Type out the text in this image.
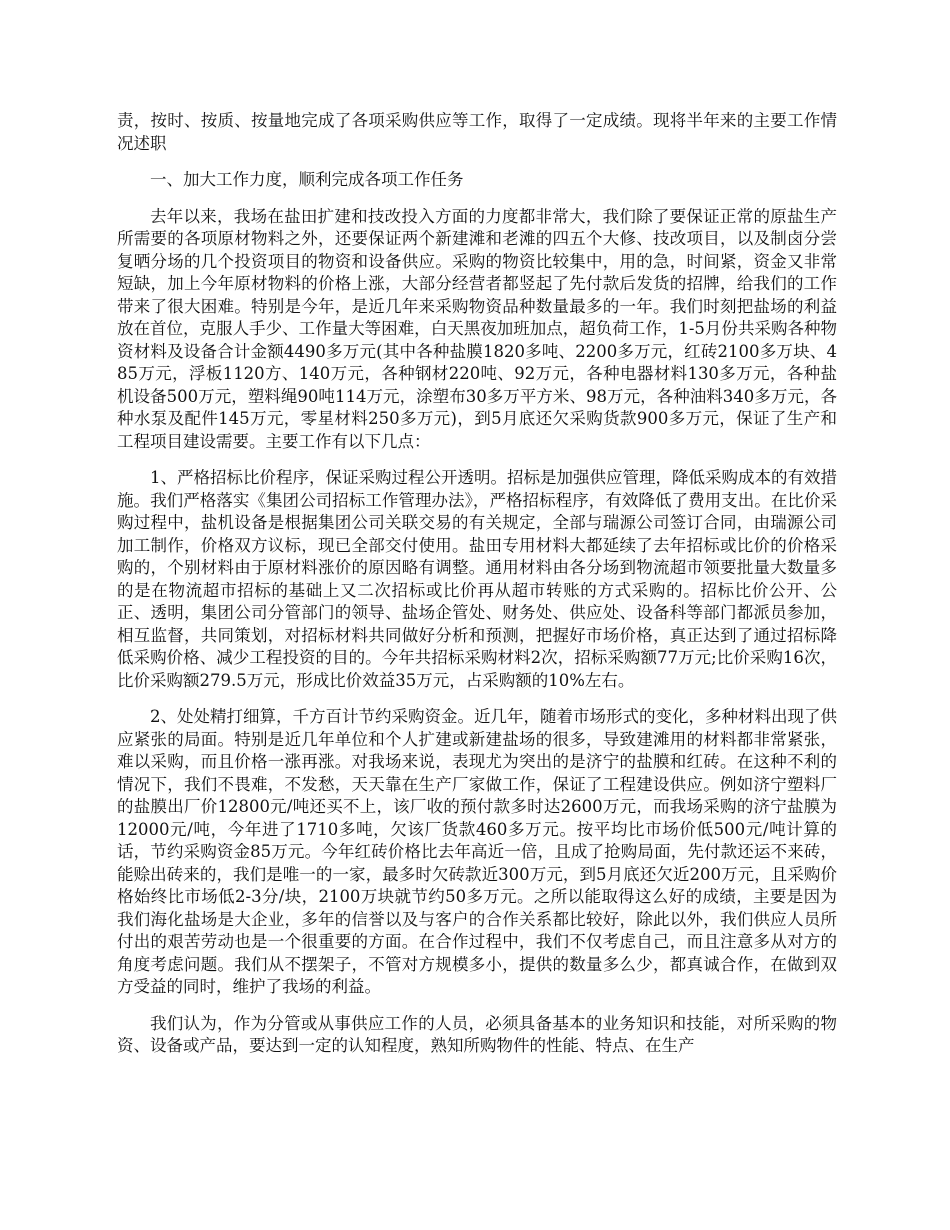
责，按时、按质、按量地完成了各项采购供应等工作，取得了一定成绩。现将半年来的主要工作情况述职

一、加大工作力度，顺利完成各项工作任务

去年以来，我场在盐田扩建和技改投入方面的力度都非常大，我们除了要保证正常的原盐生产所需要的各项原材物料之外，还要保证两个新建滩和老滩的四五个大修、技改项目，以及制卤分尝复晒分场的几个投资项目的物资和设备供应。采购的物资比较集中，用的急，时间紧，资金又非常短缺，加上今年原材物料的价格上涨，大部分经营者都竖起了先付款后发货的招牌，给我们的工作带来了很大困难。特别是今年，是近几年来采购物资品种数量最多的一年。我们时刻把盐场的利益放在首位，克服人手少、工作量大等困难，白天黑夜加班加点，超负荷工作，1-5月份共采购各种物资材料及设备合计金额4490多万元(其中各种盐膜1820多吨、2200多万元，红砖2100多万块、485万元，浮板1120方、140万元，各种钢材220吨、92万元，各种电器材料130多万元，各种盐机设备500万元，塑料绳90吨114万元，涂塑布30多万平方米、98万元，各种油料340多万元，各种水泵及配件145万元，零星材料250多万元)，到5月底还欠采购货款900多万元，保证了生产和工程项目建设需要。主要工作有以下几点：

1、严格招标比价程序，保证采购过程公开透明。招标是加强供应管理，降低采购成本的有效措施。我们严格落实《集团公司招标工作管理办法》，严格招标程序，有效降低了费用支出。在比价采购过程中，盐机设备是根据集团公司关联交易的有关规定，全部与瑞源公司签订合同，由瑞源公司加工制作，价格双方议标，现已全部交付使用。盐田专用材料大都延续了去年招标或比价的价格采购的，个别材料由于原材料涨价的原因略有调整。通用材料由各分场到物流超市领要批量大数量多的是在物流超市招标的基础上又二次招标或比价再从超市转账的方式采购的。招标比价公开、公正、透明，集团公司分管部门的领导、盐场企管处、财务处、供应处、设备科等部门都派员参加，相互监督，共同策划，对招标材料共同做好分析和预测，把握好市场价格，真正达到了通过招标降低采购价格、减少工程投资的目的。今年共招标采购材料2次，招标采购额77万元;比价采购16次，比价采购额279.5万元，形成比价效益35万元，占采购额的10%左右。

2、处处精打细算，千方百计节约采购资金。近几年，随着市场形式的变化，多种材料出现了供应紧张的局面。特别是近几年单位和个人扩建或新建盐场的很多，导致建滩用的材料都非常紧张，难以采购，而且价格一涨再涨。对我场来说，表现尤为突出的是济宁的盐膜和红砖。在这种不利的情况下，我们不畏难，不发愁，天天靠在生产厂家做工作，保证了工程建设供应。例如济宁塑料厂的盐膜出厂价12800元/吨还买不上，该厂收的预付款多时达2600万元，而我场采购的济宁盐膜为12000元/吨，今年进了1710多吨，欠该厂货款460多万元。按平均比市场价低500元/吨计算的话，节约采购资金85万元。今年红砖价格比去年高近一倍，且成了抢购局面，先付款还运不来砖，能赊出砖来的，我们是唯一的一家，最多时欠砖款近300万元，到5月底还欠近200万元，且采购价格始终比市场低2-3分/块，2100万块就节约50多万元。之所以能取得这么好的成绩，主要是因为我们海化盐场是大企业，多年的信誉以及与客户的合作关系都比较好，除此以外，我们供应人员所付出的艰苦劳动也是一个很重要的方面。在合作过程中，我们不仅考虑自己，而且注意多从对方的角度考虑问题。我们从不摆架子，不管对方规模多小，提供的数量多么少，都真诚合作，在做到双方受益的同时，维护了我场的利益。

我们认为，作为分管或从事供应工作的人员，必须具备基本的业务知识和技能，对所采购的物资、设备或产品，要达到一定的认知程度，熟知所购物件的性能、特点、在生产
